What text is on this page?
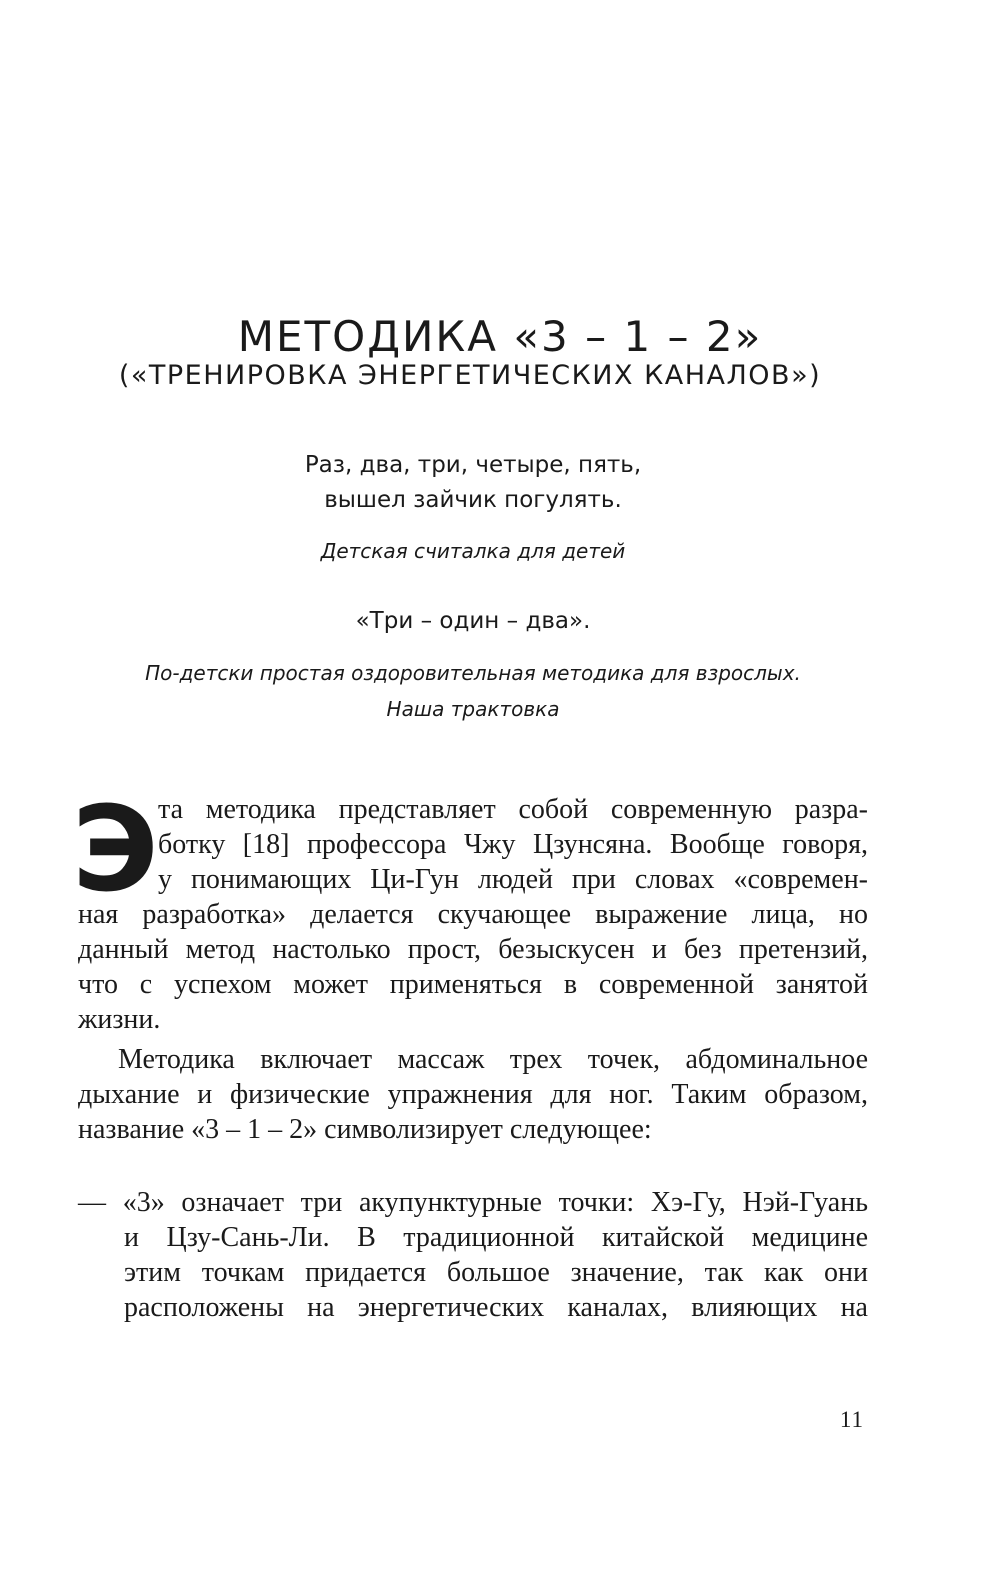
МЕТОДИКА «3 – 1 – 2»
(«ТРЕНИРОВКА ЭНЕРГЕТИЧЕСКИХ КАНАЛОВ»)
Раз, два, три, четыре, пять,
вышел зайчик погулять.
Детская считалка для детей
«Три – один – два».
По-детски простая оздоровительная методика для взрослых.
Наша трактовка
Э та методика представляет собой современную разра-
ботку [18] профессора Чжу Цзунсяна. Вообще говоря,
у понимающих Ци-Гун людей при словах «современ-
ная разработка» делается скучающее выражение лица, но
данный метод настолько прост, безыскусен и без претензий,
что с успехом может применяться в современной занятой
жизни.
Методика включает массаж трех точек, абдоминальное
дыхание и физические упражнения для ног. Таким образом,
название «3 – 1 – 2» символизирует следующее:
— «3» означает три акупунктурные точки: Хэ-Гу, Нэй-Гуань
и Цзу-Сань-Ли. В традиционной китайской медицине
этим точкам придается большое значение, так как они
расположены на энергетических каналах, влияющих на
11
